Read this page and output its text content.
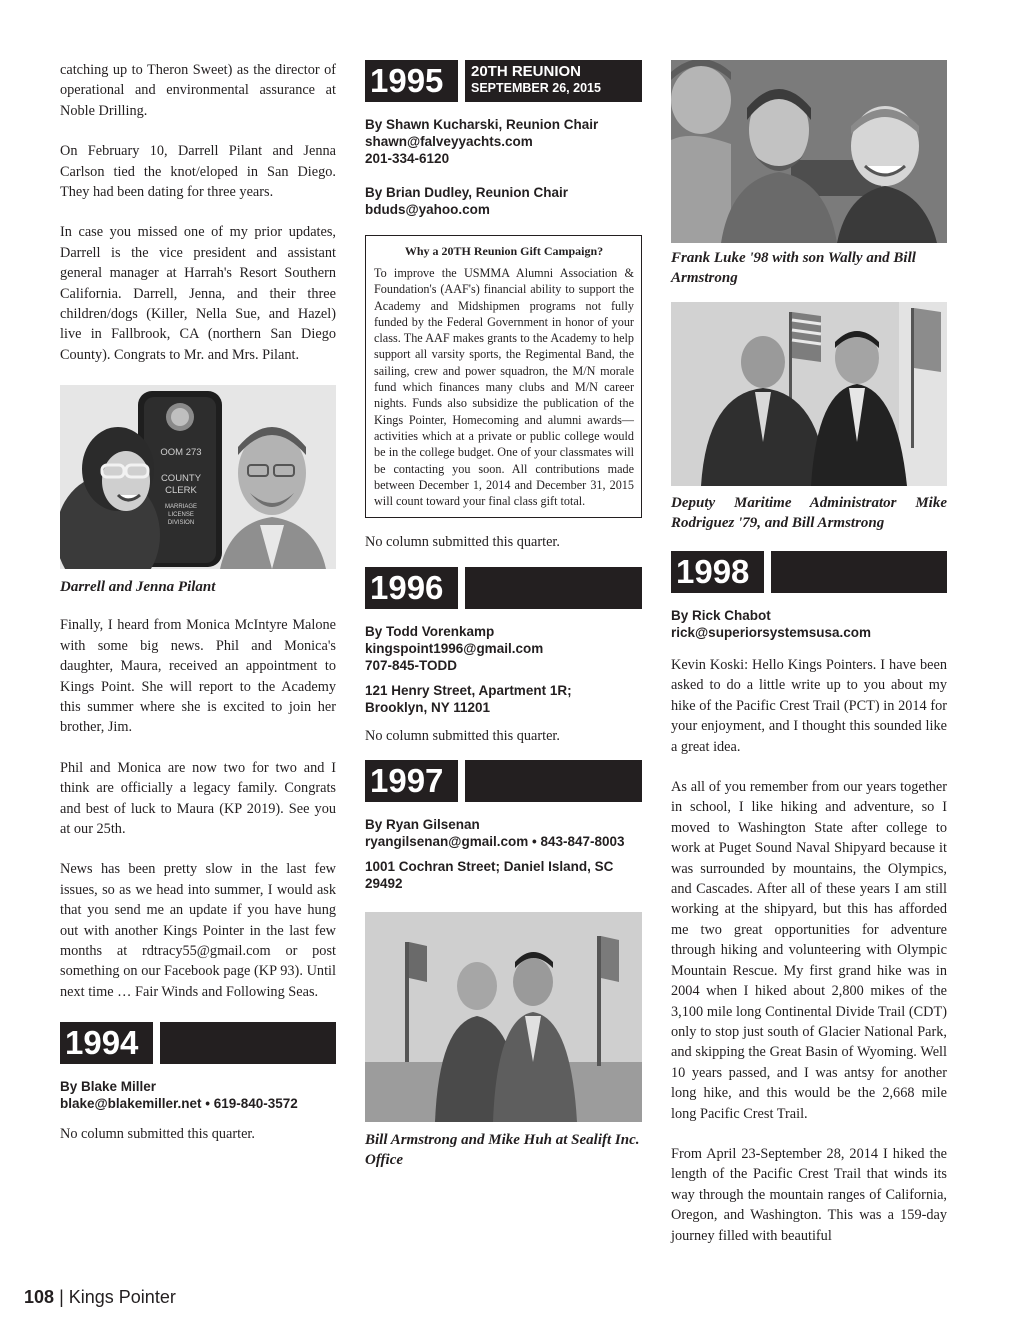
catching up to Theron Sweet) as the director of operational and environmental assurance at Noble Drilling.

On February 10, Darrell Pilant and Jenna Carlson tied the knot/eloped in San Diego. They had been dating for three years.

In case you missed one of my prior updates, Darrell is the vice president and assistant general manager at Harrah's Resort Southern California. Darrell, Jenna, and their three children/dogs (Killer, Nella Sue, and Hazel) live in Fallbrook, CA (northern San Diego County). Congrats to Mr. and Mrs. Pilant.

OOM 273
COUNTY
CLERK
MARRIAGE LICENSE
DIVISION
Darrell and Jenna Pilant

Finally, I heard from Monica McIntyre Malone with some big news. Phil and Monica's daughter, Maura, received an appointment to Kings Point. She will report to the Academy this summer where she is excited to join her brother, Jim.

Phil and Monica are now two for two and I think are officially a legacy family. Congrats and best of luck to Maura (KP 2019). See you at our 25th.

News has been pretty slow in the last few issues, so as we head into summer, I would ask that you send me an update if you have hung out with another Kings Pointer in the last few months at rdtracy55@gmail.com or post something on our Facebook page (KP 93). Until next time … Fair Winds and Following Seas.

1994
By Blake Miller
blake@blakemiller.net • 619-840-3572

No column submitted this quarter.

1995	20TH REUNION
SEPTEMBER 26, 2015
By Shawn Kucharski, Reunion Chair
shawn@falveyyachts.com
201-334-6120
By Brian Dudley, Reunion Chair
bduds@yahoo.com
Why a 20TH Reunion Gift Campaign?
To improve the USMMA Alumni Association & Foundation's (AAF's) financial ability to support the Academy and Midshipmen programs not fully funded by the Federal Government in honor of your class. The AAF makes grants to the Academy to help support all varsity sports, the Regimental Band, the sailing, crew and power squadron, the M/N morale fund which finances many clubs and M/N career nights. Funds also subsidize the publication of the Kings Pointer, Homecoming and alumni awards—activities which at a private or public college would be in the college budget. One of your classmates will be contacting you soon. All contributions made between December 1, 2014 and December 31, 2015 will count toward your final class gift total.

No column submitted this quarter.

1996
By Todd Vorenkamp
kingspoint1996@gmail.com
707-845-TODD
121 Henry Street, Apartment 1R;
Brooklyn, NY 11201

No column submitted this quarter.

1997
By Ryan Gilsenan
ryangilsenan@gmail.com • 843-847-8003
1001 Cochran Street; Daniel Island, SC 29492
Bill Armstrong and Mike Huh at Sealift Inc. Office
Frank Luke '98 with son Wally and Bill Armstrong
Deputy Maritime Administrator Mike Rodriguez '79, and Bill Armstrong
1998
By Rick Chabot
rick@superiorsystemsusa.com

Kevin Koski: Hello Kings Pointers. I have been asked to do a little write up to you about my hike of the Pacific Crest Trail (PCT) in 2014 for your enjoyment, and I thought this sounded like a great idea.

As all of you remember from our years together in school, I like hiking and adventure, so I moved to Washington State after college to work at Puget Sound Naval Shipyard because it was surrounded by mountains, the Olympics, and Cascades. After all of these years I am still working at the shipyard, but this has afforded me two great opportunities for adventure through hiking and volunteering with Olympic Mountain Rescue. My first grand hike was in 2004 when I hiked about 2,800 mikes of the 3,100 mile long Continental Divide Trail (CDT) only to stop just south of Glacier National Park, and skipping the Great Basin of Wyoming. Well 10 years passed, and I was antsy for another long hike, and this would be the 2,668 mile long Pacific Crest Trail.

From April 23-September 28, 2014 I hiked the length of the Pacific Crest Trail that winds its way through the mountain ranges of California, Oregon, and Washington. This was a 159-day journey filled with beautiful

108 | Kings Pointer
